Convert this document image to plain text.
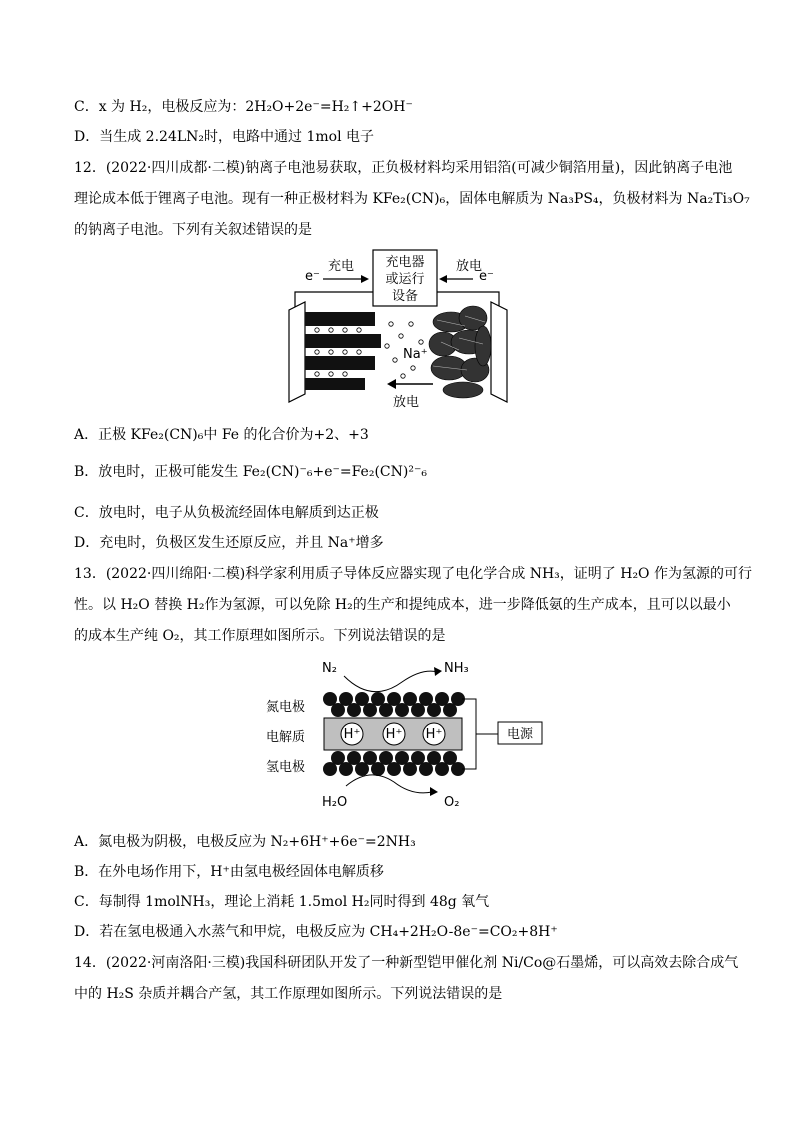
C．x 为 H₂，电极反应为：2H₂O+2e⁻=H₂↑+2OH⁻
D．当生成 2.24LN₂时，电路中通过 1mol 电子
12．(2022·四川成都·二模)钠离子电池易获取，正负极材料均采用铝箔(可减少铜箔用量)，因此钠离子电池
理论成本低于锂离子电池。现有一种正极材料为 KFe₂(CN)₆，固体电解质为 Na₃PS₄，负极材料为 Na₂Ti₃O₇
的钠离子电池。下列有关叙述错误的是
充电器
或运行
设备
充电	放电
e⁻	e⁻
Na⁺
放电
A．正极 KFe₂(CN)₆中 Fe 的化合价为+2、+3
B．放电时，正极可能发生 Fe₂(CN)⁻₆+e⁻=Fe₂(CN)²⁻₆
C．放电时，电子从负极流经固体电解质到达正极
D．充电时，负极区发生还原反应，并且 Na⁺增多
13．(2022·四川绵阳·二模)科学家利用质子导体反应器实现了电化学合成 NH₃，证明了 H₂O 作为氢源的可行
性。以 H₂O 替换 H₂作为氢源，可以免除 H₂的生产和提纯成本，进一步降低氨的生产成本，且可以以最小
的成本生产纯 O₂，其工作原理如图所示。下列说法错误的是
N₂	NH₃
氮电极
电解质
氢电极
H⁺ H⁺ H⁺	电源
H₂O	O₂
A．氮电极为阴极，电极反应为 N₂+6H⁺+6e⁻=2NH₃
B．在外电场作用下，H⁺由氢电极经固体电解质移
C．每制得 1molNH₃，理论上消耗 1.5mol H₂同时得到 48g 氧气
D．若在氢电极通入水蒸气和甲烷，电极反应为 CH₄+2H₂O-8e⁻=CO₂+8H⁺
14．(2022·河南洛阳·三模)我国科研团队开发了一种新型铠甲催化剂 Ni/Co@石墨烯，可以高效去除合成气
中的 H₂S 杂质并耦合产氢，其工作原理如图所示。下列说法错误的是
